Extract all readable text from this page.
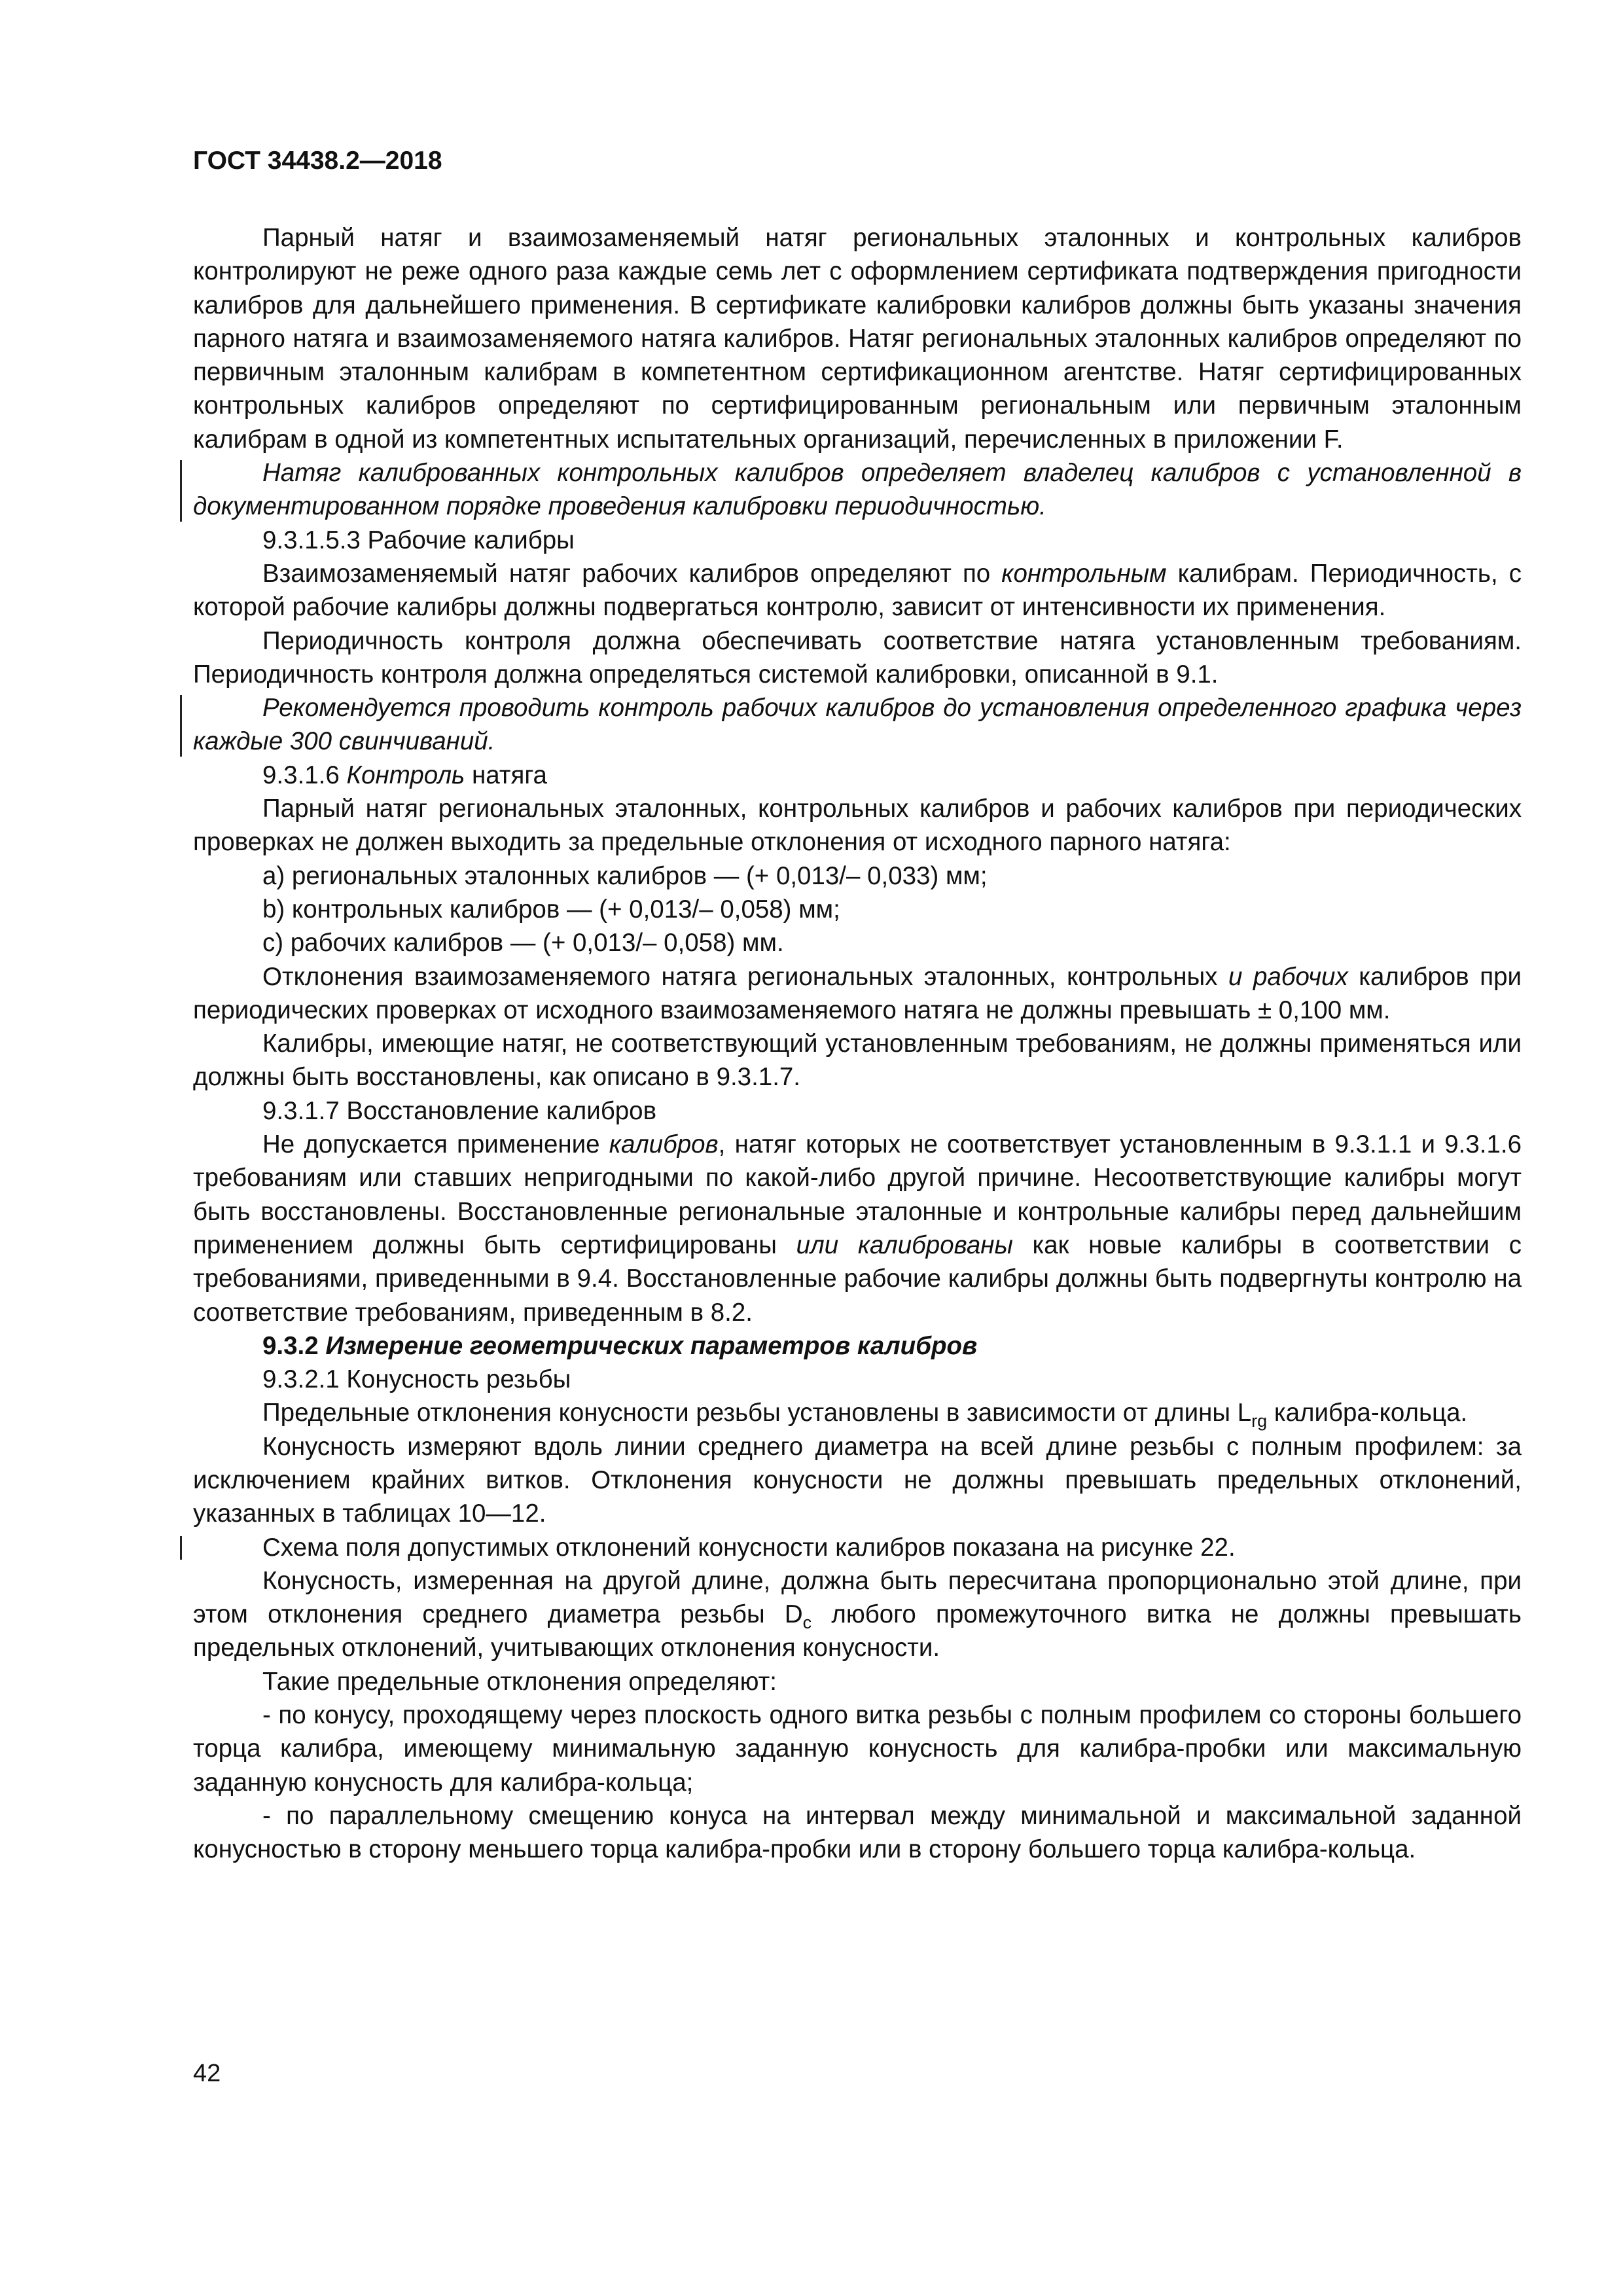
ГОСТ 34438.2—2018

Парный натяг и взаимозаменяемый натяг региональных эталонных и контрольных калибров контролируют не реже одного раза каждые семь лет с оформлением сертификата подтверждения пригодности калибров для дальнейшего применения. В сертификате калибровки калибров должны быть указаны значения парного натяга и взаимозаменяемого натяга калибров. Натяг региональных эталонных калибров определяют по первичным эталонным калибрам в компетентном сертификационном агентстве. Натяг сертифицированных контрольных калибров определяют по сертифицированным региональным или первичным эталонным калибрам в одной из компетентных испытательных организаций, перечисленных в приложении F.

Натяг калиброванных контрольных калибров определяет владелец калибров с установленной в документированном порядке проведения калибровки периодичностью.

9.3.1.5.3 Рабочие калибры

Взаимозаменяемый натяг рабочих калибров определяют по контрольным калибрам. Периодичность, с которой рабочие калибры должны подвергаться контролю, зависит от интенсивности их применения.

Периодичность контроля должна обеспечивать соответствие натяга установленным требованиям. Периодичность контроля должна определяться системой калибровки, описанной в 9.1.

Рекомендуется проводить контроль рабочих калибров до установления определенного графика через каждые 300 свинчиваний.

9.3.1.6 Контроль натяга

Парный натяг региональных эталонных, контрольных калибров и рабочих калибров при периодических проверках не должен выходить за предельные отклонения от исходного парного натяга:

a) региональных эталонных калибров — (+ 0,013/– 0,033) мм;

b) контрольных калибров — (+ 0,013/– 0,058) мм;

c) рабочих калибров — (+ 0,013/– 0,058) мм.

Отклонения взаимозаменяемого натяга региональных эталонных, контрольных и рабочих калибров при периодических проверках от исходного взаимозаменяемого натяга не должны превышать ± 0,100 мм.

Калибры, имеющие натяг, не соответствующий установленным требованиям, не должны применяться или должны быть восстановлены, как описано в 9.3.1.7.

9.3.1.7 Восстановление калибров

Не допускается применение калибров, натяг которых не соответствует установленным в 9.3.1.1 и 9.3.1.6 требованиям или ставших непригодными по какой-либо другой причине. Несоответствующие калибры могут быть восстановлены. Восстановленные региональные эталонные и контрольные калибры перед дальнейшим применением должны быть сертифицированы или калиброваны как новые калибры в соответствии с требованиями, приведенными в 9.4. Восстановленные рабочие калибры должны быть подвергнуты контролю на соответствие требованиям, приведенным в 8.2.

9.3.2 Измерение геометрических параметров калибров

9.3.2.1 Конусность резьбы

Предельные отклонения конусности резьбы установлены в зависимости от длины $L_{rg}$ калибра-кольца.

Конусность измеряют вдоль линии среднего диаметра на всей длине резьбы с полным профилем: за исключением крайних витков. Отклонения конусности не должны превышать предельных отклонений, указанных в таблицах 10—12.

Схема поля допустимых отклонений конусности калибров показана на рисунке 22.

Конусность, измеренная на другой длине, должна быть пересчитана пропорционально этой длине, при этом отклонения среднего диаметра резьбы $D_c$ любого промежуточного витка не должны превышать предельных отклонений, учитывающих отклонения конусности.

Такие предельные отклонения определяют:

- по конусу, проходящему через плоскость одного витка резьбы с полным профилем со стороны большего торца калибра, имеющему минимальную заданную конусность для калибра-пробки или максимальную заданную конусность для калибра-кольца;

- по параллельному смещению конуса на интервал между минимальной и максимальной заданной конусностью в сторону меньшего торца калибра-пробки или в сторону большего торца калибра-кольца.

42
